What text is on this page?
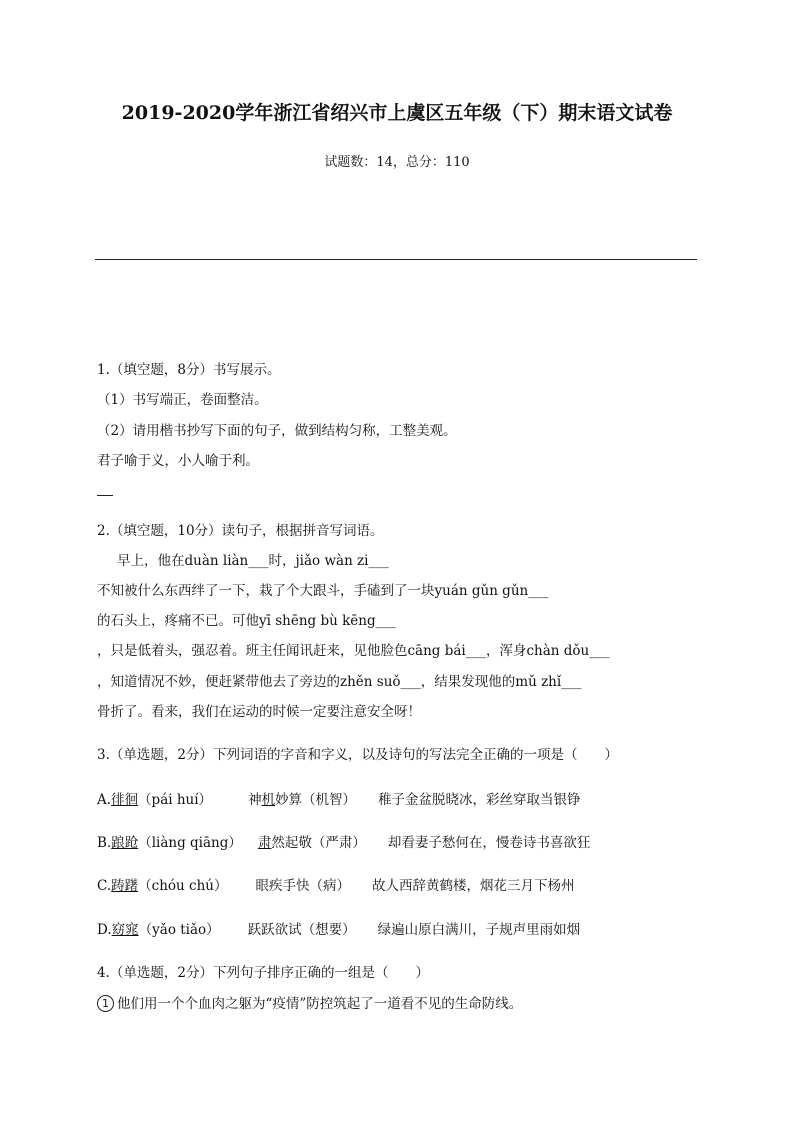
2019-2020学年浙江省绍兴市上虞区五年级（下）期末语文试卷
试题数：14，总分：110
1.（填空题，8分）书写展示。
（1）书写端正，卷面整洁。
（2）请用楷书抄写下面的句子，做到结构匀称，工整美观。
君子喻于义，小人喻于利。
2.（填空题，10分）读句子，根据拼音写词语。
早上，他在duàn liàn___时，jiǎo wàn zi___
不知被什么东西绊了一下，栽了个大跟斗，手磕到了一块yuán gǔn gǔn___
的石头上，疼痛不已。可他yī shēng bù kēng___
，只是低着头，强忍着。班主任闻讯赶来，见他脸色cāng bái___，浑身chàn dǒu___
，知道情况不妙，便赶紧带他去了旁边的zhěn suǒ___，结果发现他的mǔ zhǐ___
骨折了。看来，我们在运动的时候一定要注意安全呀！
3.（单选题，2分）下列词语的字音和字义，以及诗句的写法完全正确的一项是（　　）
A.徘徊（pái huí）	神机妙算（机智） 稚子金盆脱晓冰，彩丝穿取当银铮
B.踉跄（liàng qiāng） 肃然起敬（严肃） 却看妻子愁何在，慢卷诗书喜欲狂
C.踌躇（chóu chú） 眼疾手快（病） 故人西辞黄鹤楼，烟花三月下杨州
D.窈窕（yǎo tiǎo） 跃跃欲试（想要） 绿遍山原白满川，子规声里雨如烟
4.（单选题，2分）下列句子排序正确的一组是（　　）
1 他们用一个个血肉之躯为“疫情”防控筑起了一道看不见的生命防线。
